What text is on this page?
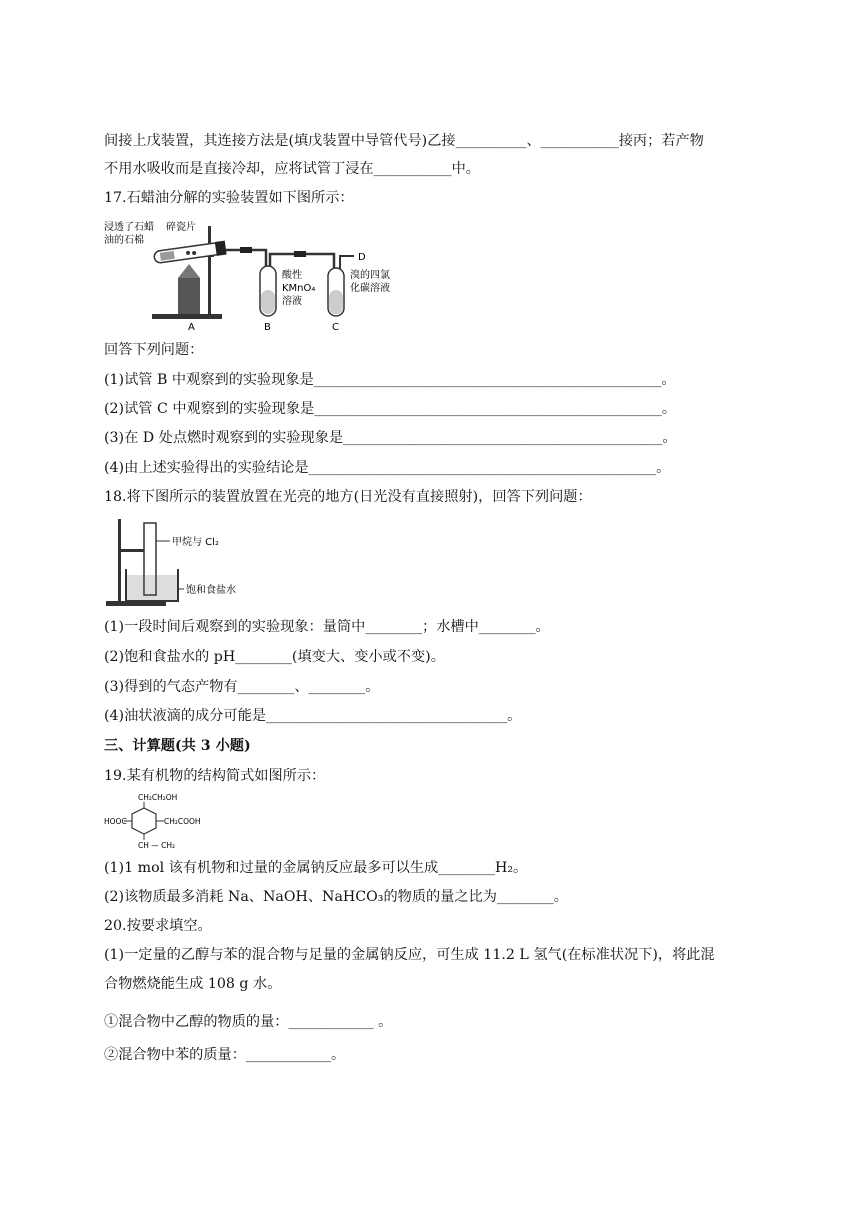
间接上戊装置，其连接方法是(填戊装置中导管代号)乙接__________、___________接丙；若产物
不用水吸收而是直接冷却，应将试管丁浸在___________中。
17.石蜡油分解的实验装置如下图所示：
浸透了石蜡
油的石棉
碎瓷片
酸性
KMnO₄
溶液
溴的四氯
化碳溶液
A	B	C
D
回答下列问题：
(1)试管 B 中观察到的实验现象是_________________________________________________。
(2)试管 C 中观察到的实验现象是_________________________________________________。
(3)在 D 处点燃时观察到的实验现象是_____________________________________________。
(4)由上述实验得出的实验结论是_________________________________________________。
18.将下图所示的装置放置在光亮的地方(日光没有直接照射)，回答下列问题：
甲烷与 Cl₂
饱和食盐水
(1)一段时间后观察到的实验现象：量筒中________；水槽中________。
(2)饱和食盐水的 pH________(填变大、变小或不变)。
(3)得到的气态产物有________、________。
(4)油状液滴的成分可能是__________________________________。
三、计算题(共 3 小题)
19.某有机物的结构简式如图所示：
CH₂CH₂OH
HOOC	CH₂COOH
CH — CH₂
(1)1 mol 该有机物和过量的金属钠反应最多可以生成________H₂。
(2)该物质最多消耗 Na、NaOH、NaHCO₃的物质的量之比为________。
20.按要求填空。
(1)一定量的乙醇与苯的混合物与足量的金属钠反应，可生成 11.2 L 氢气(在标准状况下)，将此混
合物燃烧能生成 108 g 水。
①混合物中乙醇的物质的量：____________ 。
②混合物中苯的质量：____________。
